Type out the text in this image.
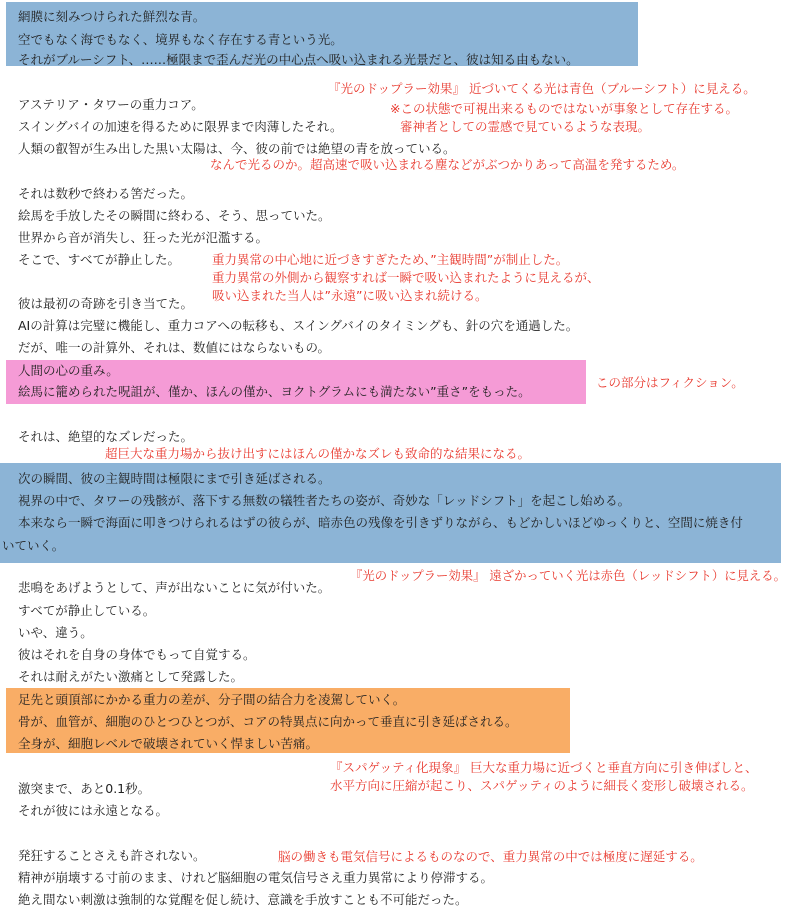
網膜に刻みつけられた鮮烈な青。
空でもなく海でもなく、境界もなく存在する青という光。
それがブルーシフト、……極限まで歪んだ光の中心点へ吸い込まれる光景だと、彼は知る由もない。
アステリア・タワーの重力コア。
スイングバイの加速を得るために限界まで肉薄したそれ。
人類の叡智が生み出した黒い太陽は、今、彼の前では絶望の青を放っている。
それは数秒で終わる筈だった。
絵馬を手放したその瞬間に終わる、そう、思っていた。
世界から音が消失し、狂った光が氾濫する。
そこで、すべてが静止した。
彼は最初の奇跡を引き当てた。
AIの計算は完璧に機能し、重力コアへの転移も、スイングバイのタイミングも、針の穴を通過した。
だが、唯一の計算外、それは、数値にはならないもの。
人間の心の重み。
絵馬に籠められた呪詛が、僅か、ほんの僅か、ヨクトグラムにも満たない”重さ”をもった。
それは、絶望的なズレだった。
次の瞬間、彼の主観時間は極限にまで引き延ばされる。
視界の中で、タワーの残骸が、落下する無数の犠牲者たちの姿が、奇妙な「レッドシフト」を起こし始める。
本来なら一瞬で海面に叩きつけられるはずの彼らが、暗赤色の残像を引きずりながら、もどかしいほどゆっくりと、空間に焼き付
いていく。
悲鳴をあげようとして、声が出ないことに気が付いた。
すべてが静止している。
いや、違う。
彼はそれを自身の身体でもって自覚する。
それは耐えがたい激痛として発露した。
足先と頭頂部にかかる重力の差が、分子間の結合力を凌駕していく。
骨が、血管が、細胞のひとつひとつが、コアの特異点に向かって垂直に引き延ばされる。
全身が、細胞レベルで破壊されていく悍ましい苦痛。
激突まで、あと0.1秒。
それが彼には永遠となる。
発狂することさえも許されない。
精神が崩壊する寸前のまま、けれど脳細胞の電気信号さえ重力異常により停滞する。
絶え間ない刺激は強制的な覚醒を促し続け、意識を手放すことも不可能だった。
『光のドップラー効果』 近づいてくる光は青色（ブルーシフト）に見える。
※この状態で可視出来るものではないが事象として存在する。
審神者としての霊感で見ているような表現。
なんで光るのか。超高速で吸い込まれる塵などがぶつかりあって高温を発するため。
重力異常の中心地に近づきすぎたため、”主観時間”が制止した。
重力異常の外側から観察すれば一瞬で吸い込まれたように見えるが、
吸い込まれた当人は”永遠”に吸い込まれ続ける。
この部分はフィクション。
超巨大な重力場から抜け出すにはほんの僅かなズレも致命的な結果になる。
『光のドップラー効果』 遠ざかっていく光は赤色（レッドシフト）に見える。
『スパゲッティ化現象』 巨大な重力場に近づくと垂直方向に引き伸ばしと、
水平方向に圧縮が起こり、スパゲッティのように細長く変形し破壊される。
脳の働きも電気信号によるものなので、重力異常の中では極度に遅延する。
